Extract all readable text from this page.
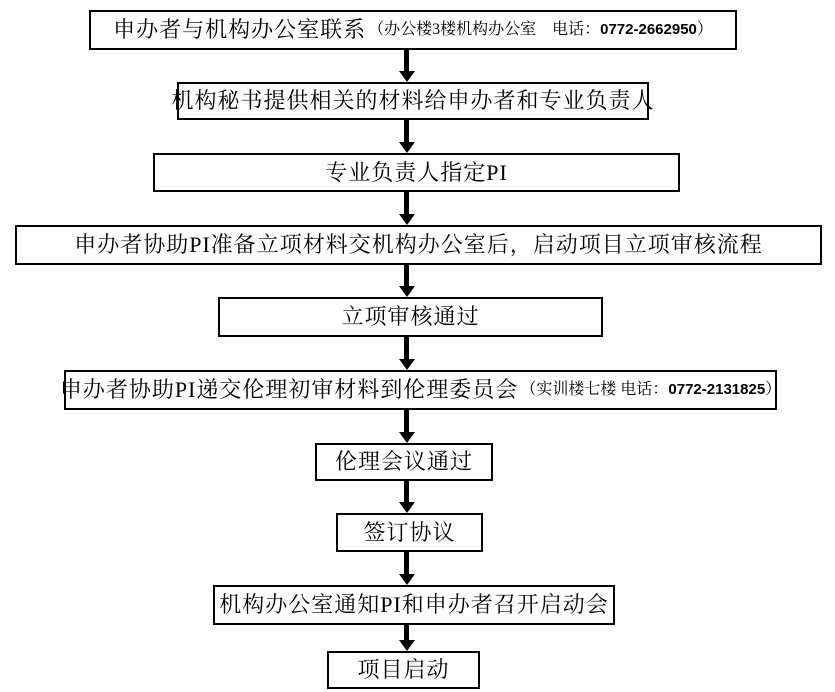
申办者与机构办公室联系 （办公楼3楼机构办公室　电话：0772-2662950）
机构秘书提供相关的材料给申办者和专业负责人
专业负责人指定PI
申办者协助PI准备立项材料交机构办公室后，启动项目立项审核流程
立项审核通过
申办者协助PI递交伦理初审材料到伦理委员会 （实训楼七楼 电话：0772-2131825）
伦理会议通过
签订协议
机构办公室通知PI和申办者召开启动会
项目启动
